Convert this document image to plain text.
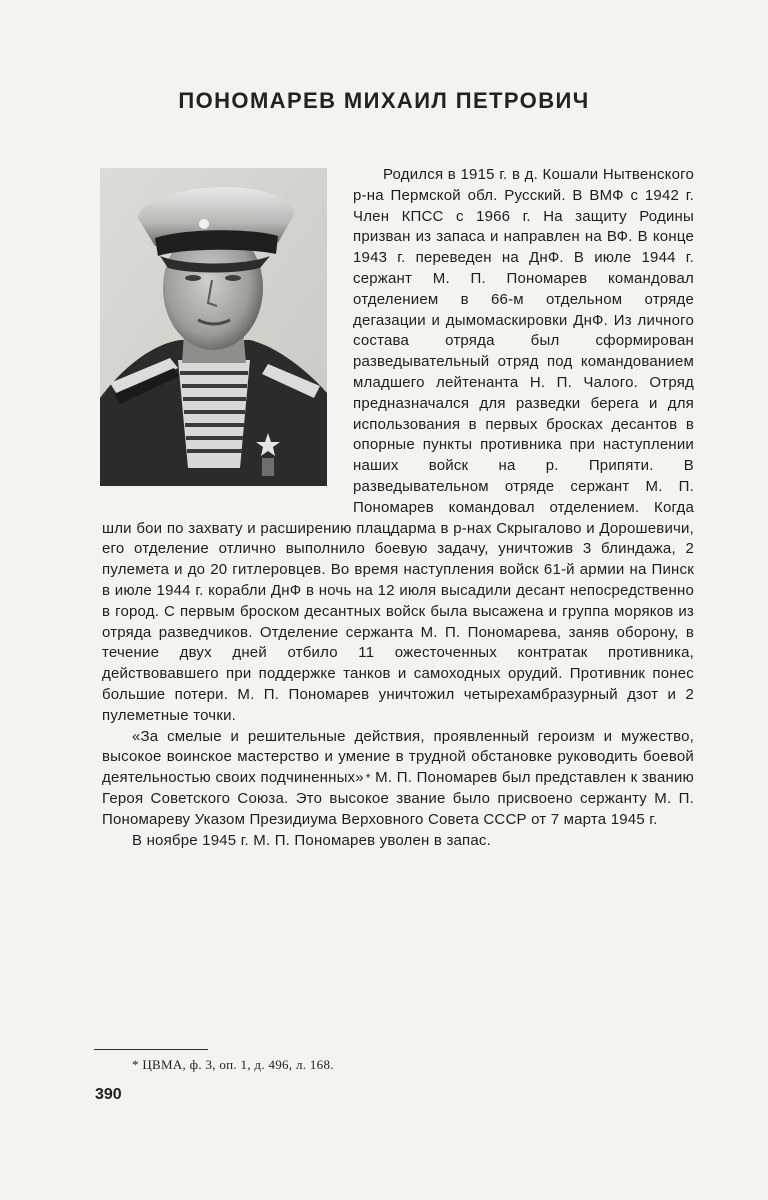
ПОНОМАРЕВ МИХАИЛ ПЕТРОВИЧ

Родился в 1915 г. в д. Кошали Нытвенского р-на Пермской обл. Русский. В ВМФ с 1942 г. Член КПСС с 1966 г. На защиту Родины призван из запаса и направлен на ВФ. В конце 1943 г. переведен на ДнФ. В июле 1944 г. сержант М. П. Пономарев командовал отделением в 66-м отдельном отряде дегазации и дымомаскировки ДнФ. Из личного состава отряда был сформирован разведывательный отряд под командованием младшего лейтенанта Н. П. Чалого. Отряд предназначался для разведки берега и для использования в первых бросках десантов в опорные пункты противника при наступлении наших войск на р. Припяти. В разведывательном отряде сержант М. П. Пономарев командовал отделением. Когда шли бои по захвату и расширению плацдарма в р-нах Скрыгалово и Дорошевичи, его отделение отлично выполнило боевую задачу, уничтожив 3 блиндажа, 2 пулемета и до 20 гитлеровцев. Во время наступления войск 61-й армии на Пинск в июле 1944 г. корабли ДнФ в ночь на 12 июля высадили десант непосредственно в город. С первым броском десантных войск была высажена и группа моряков из отряда разведчиков. Отделение сержанта М. П. Пономарева, заняв оборону, в течение двух дней отбило 11 ожесточенных контратак противника, действовавшего при поддержке танков и самоходных орудий. Противник понес большие потери. М. П. Пономарев уничтожил четырехамбразурный дзот и 2 пулеметные точки.

«За смелые и решительные действия, проявленный героизм и мужество, высокое воинское мастерство и умение в трудной обстановке руководить боевой деятельностью своих подчиненных» * М. П. Пономарев был представлен к званию Героя Советского Союза. Это высокое звание было присвоено сержанту М. П. Пономареву Указом Президиума Верховного Совета СССР от 7 марта 1945 г.

В ноябре 1945 г. М. П. Пономарев уволен в запас.

* ЦВМА, ф. 3, оп. 1, д. 496, л. 168.
390
